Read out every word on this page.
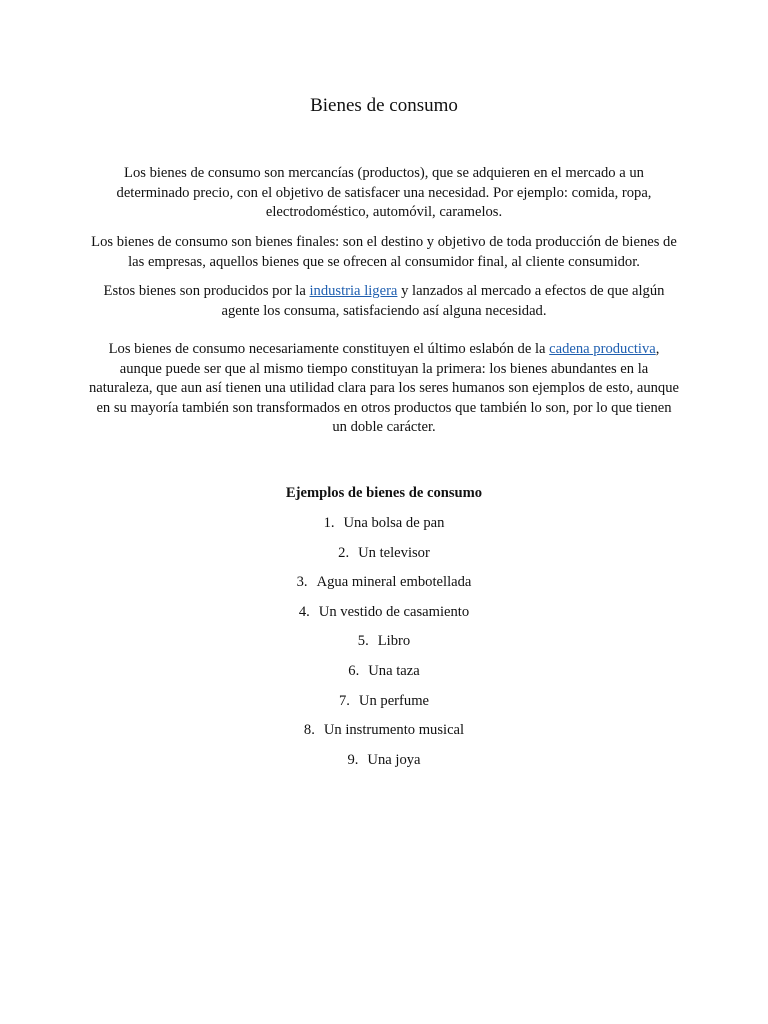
Bienes de consumo

Los bienes de consumo son mercancías (productos), que se adquieren en el mercado a un determinado precio, con el objetivo de satisfacer una necesidad. Por ejemplo: comida, ropa, electrodoméstico, automóvil, caramelos.

Los bienes de consumo son bienes finales: son el destino y objetivo de toda producción de bienes de las empresas, aquellos bienes que se ofrecen al consumidor final, al cliente consumidor.

Estos bienes son producidos por la industria ligera y lanzados al mercado a efectos de que algún agente los consuma, satisfaciendo así alguna necesidad.

Los bienes de consumo necesariamente constituyen el último eslabón de la cadena productiva, aunque puede ser que al mismo tiempo constituyan la primera: los bienes abundantes en la naturaleza, que aun así tienen una utilidad clara para los seres humanos son ejemplos de esto, aunque en su mayoría también son transformados en otros productos que también lo son, por lo que tienen un doble carácter.

Ejemplos de bienes de consumo
1. Una bolsa de pan
2. Un televisor
3. Agua mineral embotellada
4. Un vestido de casamiento
5. Libro
6. Una taza
7. Un perfume
8. Un instrumento musical
9. Una joya
